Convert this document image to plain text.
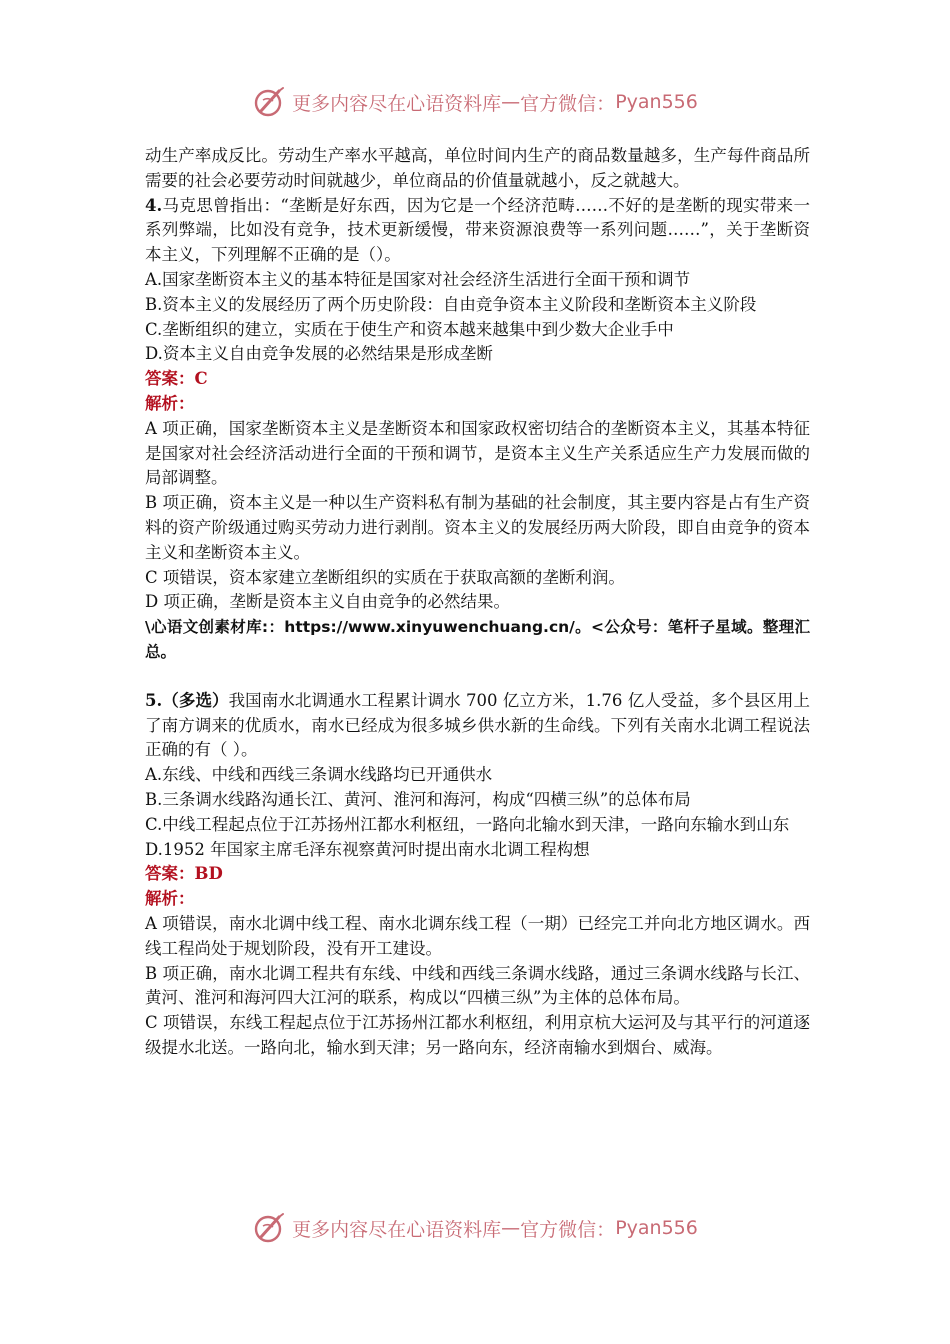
更多内容尽在心语资料库 — 官方微信： Pyan556

动生产率成反比。劳动生产率水平越高，单位时间内生产的商品数量越多，生产每件商品所需要的社会必要劳动时间就越少，单位商品的价值量就越小，反之就越大。

4.马克思曾指出：“垄断是好东西，因为它是一个经济范畴……不好的是垄断的现实带来一系列弊端，比如没有竞争，技术更新缓慢，带来资源浪费等一系列问题……”，关于垄断资本主义，下列理解不正确的是（）。

A.国家垄断资本主义的基本特征是国家对社会经济生活进行全面干预和调节

B.资本主义的发展经历了两个历史阶段：自由竞争资本主义阶段和垄断资本主义阶段

C.垄断组织的建立，实质在于使生产和资本越来越集中到少数大企业手中

D.资本主义自由竞争发展的必然结果是形成垄断

答案：C

解析：

A 项正确，国家垄断资本主义是垄断资本和国家政权密切结合的垄断资本主义，其基本特征是国家对社会经济活动进行全面的干预和调节，是资本主义生产关系适应生产力发展而做的局部调整。

B 项正确，资本主义是一种以生产资料私有制为基础的社会制度，其主要内容是占有生产资料的资产阶级通过购买劳动力进行剥削。资本主义的发展经历两大阶段，即自由竞争的资本主义和垄断资本主义。

C 项错误，资本家建立垄断组织的实质在于获取高额的垄断利润。

D 项正确，垄断是资本主义自由竞争的必然结果。

\心语文创素材库:：https://www.xinyuwenchuang.cn/。<公众号：笔杆子星域。整理汇总。

5.（多选）我国南水北调通水工程累计调水 700 亿立方米，1.76 亿人受益，多个县区用上了南方调来的优质水，南水已经成为很多城乡供水新的生命线。下列有关南水北调工程说法正确的有（ ）。

A.东线、中线和西线三条调水线路均已开通供水

B.三条调水线路沟通长江、黄河、淮河和海河，构成“四横三纵”的总体布局

C.中线工程起点位于江苏扬州江都水利枢纽，一路向北输水到天津，一路向东输水到山东

D.1952 年国家主席毛泽东视察黄河时提出南水北调工程构想

答案：BD

解析：

A 项错误，南水北调中线工程、南水北调东线工程（一期）已经完工并向北方地区调水。西线工程尚处于规划阶段，没有开工建设。

B 项正确，南水北调工程共有东线、中线和西线三条调水线路，通过三条调水线路与长江、黄河、淮河和海河四大江河的联系，构成以“四横三纵”为主体的总体布局。

C 项错误，东线工程起点位于江苏扬州江都水利枢纽，利用京杭大运河及与其平行的河道逐级提水北送。一路向北，输水到天津；另一路向东，经济南输水到烟台、威海。

更多内容尽在心语资料库 — 官方微信： Pyan556
